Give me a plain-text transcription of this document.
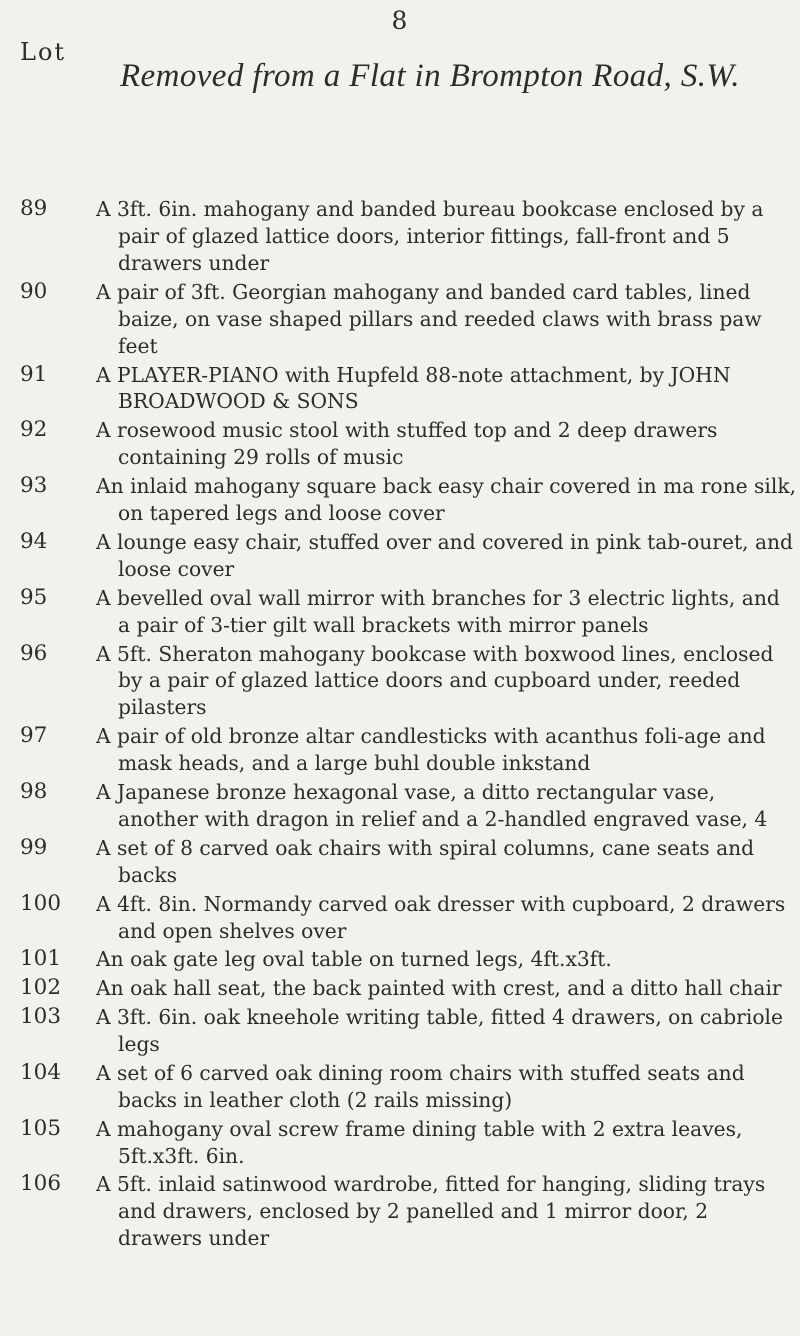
8
Lot
Removed from a Flat in Brompton Road, S.W.
89	A 3ft. 6in. mahogany and banded bureau bookcase enclosed by a pair of glazed lattice doors, interior fittings, fall-front and 5 drawers under

90	A pair of 3ft. Georgian mahogany and banded card tables, lined baize, on vase shaped pillars and reeded claws with brass paw feet

91	A PLAYER-PIANO with Hupfeld 88-note attachment, by JOHN BROADWOOD & SONS

92	A rosewood music stool with stuffed top and 2 deep drawers containing 29 rolls of music

93	An inlaid mahogany square back easy chair covered in ma rone silk, on tapered legs and loose cover

94	A lounge easy chair, stuffed over and covered in pink tab-ouret, and loose cover

95	A bevelled oval wall mirror with branches for 3 electric lights, and a pair of 3-tier gilt wall brackets with mirror panels

96	A 5ft. Sheraton mahogany bookcase with boxwood lines, enclosed by a pair of glazed lattice doors and cupboard under, reeded pilasters

97	A pair of old bronze altar candlesticks with acanthus foli-age and mask heads, and a large buhl double inkstand

98	A Japanese bronze hexagonal vase, a ditto rectangular vase, another with dragon in relief and a 2-handled engraved vase, 4

99	A set of 8 carved oak chairs with spiral columns, cane seats and backs

100	A 4ft. 8in. Normandy carved oak dresser with cupboard, 2 drawers and open shelves over

101	An oak gate leg oval table on turned legs, 4ft.x3ft.

102	An oak hall seat, the back painted with crest, and a ditto hall chair

103	A 3ft. 6in. oak kneehole writing table, fitted 4 drawers, on cabriole legs

104	A set of 6 carved oak dining room chairs with stuffed seats and backs in leather cloth (2 rails missing)

105	A mahogany oval screw frame dining table with 2 extra leaves, 5ft.x3ft. 6in.

106	A 5ft. inlaid satinwood wardrobe, fitted for hanging, sliding trays and drawers, enclosed by 2 panelled and 1 mirror door, 2 drawers under
